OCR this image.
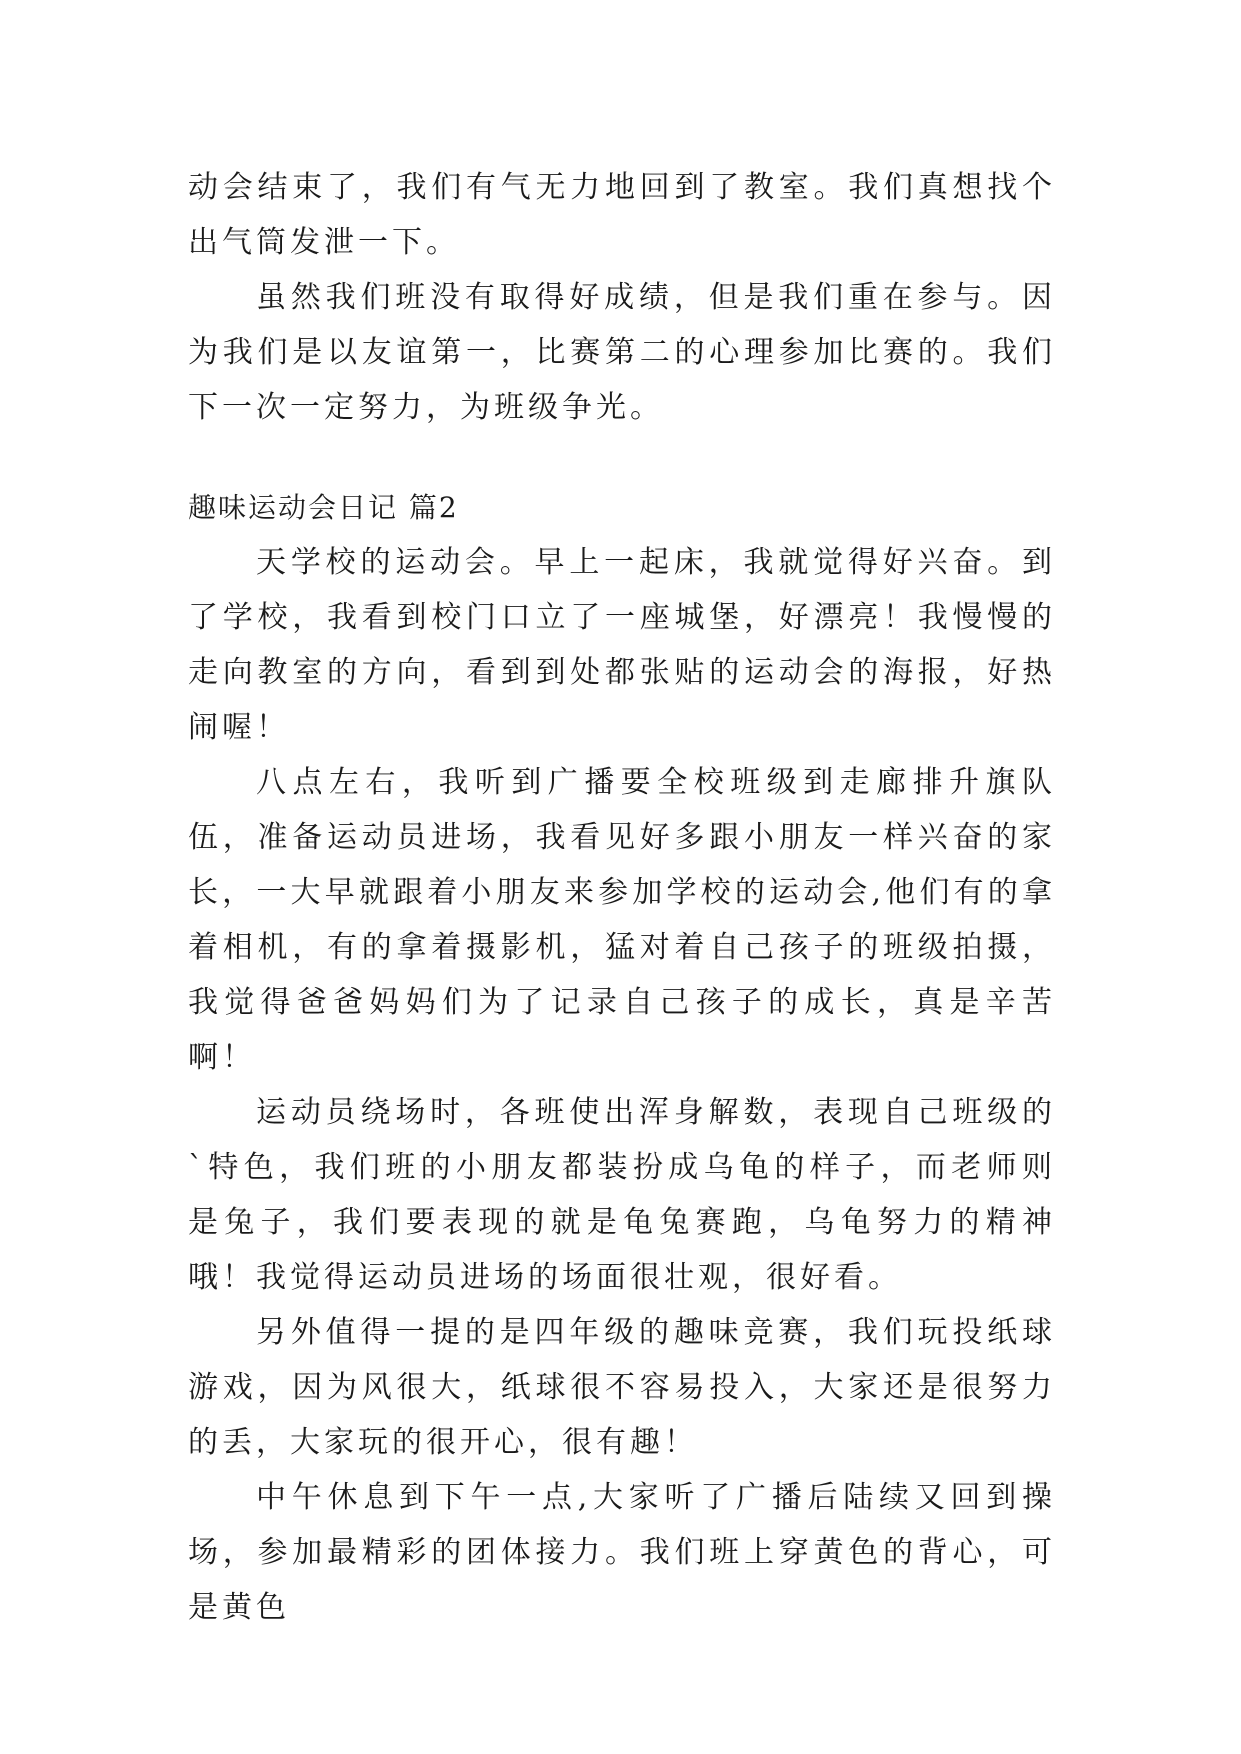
动会结束了，我们有气无力地回到了教室。我们真想找个出气筒发泄一下。

虽然我们班没有取得好成绩，但是我们重在参与。因为我们是以友谊第一，比赛第二的心理参加比赛的。我们下一次一定努力，为班级争光。

趣味运动会日记 篇2

天学校的运动会。早上一起床，我就觉得好兴奋。到了学校，我看到校门口立了一座城堡，好漂亮！我慢慢的走向教室的方向，看到到处都张贴的运动会的海报，好热闹喔！

八点左右，我听到广播要全校班级到走廊排升旗队伍，准备运动员进场，我看见好多跟小朋友一样兴奋的家长，一大早就跟着小朋友来参加学校的运动会,他们有的拿着相机，有的拿着摄影机，猛对着自己孩子的班级拍摄，我觉得爸爸妈妈们为了记录自己孩子的成长，真是辛苦啊！

运动员绕场时，各班使出浑身解数，表现自己班级的`特色，我们班的小朋友都装扮成乌龟的样子，而老师则是兔子，我们要表现的就是龟兔赛跑，乌龟努力的精神哦！我觉得运动员进场的场面很壮观，很好看。

另外值得一提的是四年级的趣味竞赛，我们玩投纸球游戏，因为风很大，纸球很不容易投入，大家还是很努力的丢，大家玩的很开心，很有趣！

中午休息到下午一点,大家听了广播后陆续又回到操场，参加最精彩的团体接力。我们班上穿黄色的背心，可是黄色
